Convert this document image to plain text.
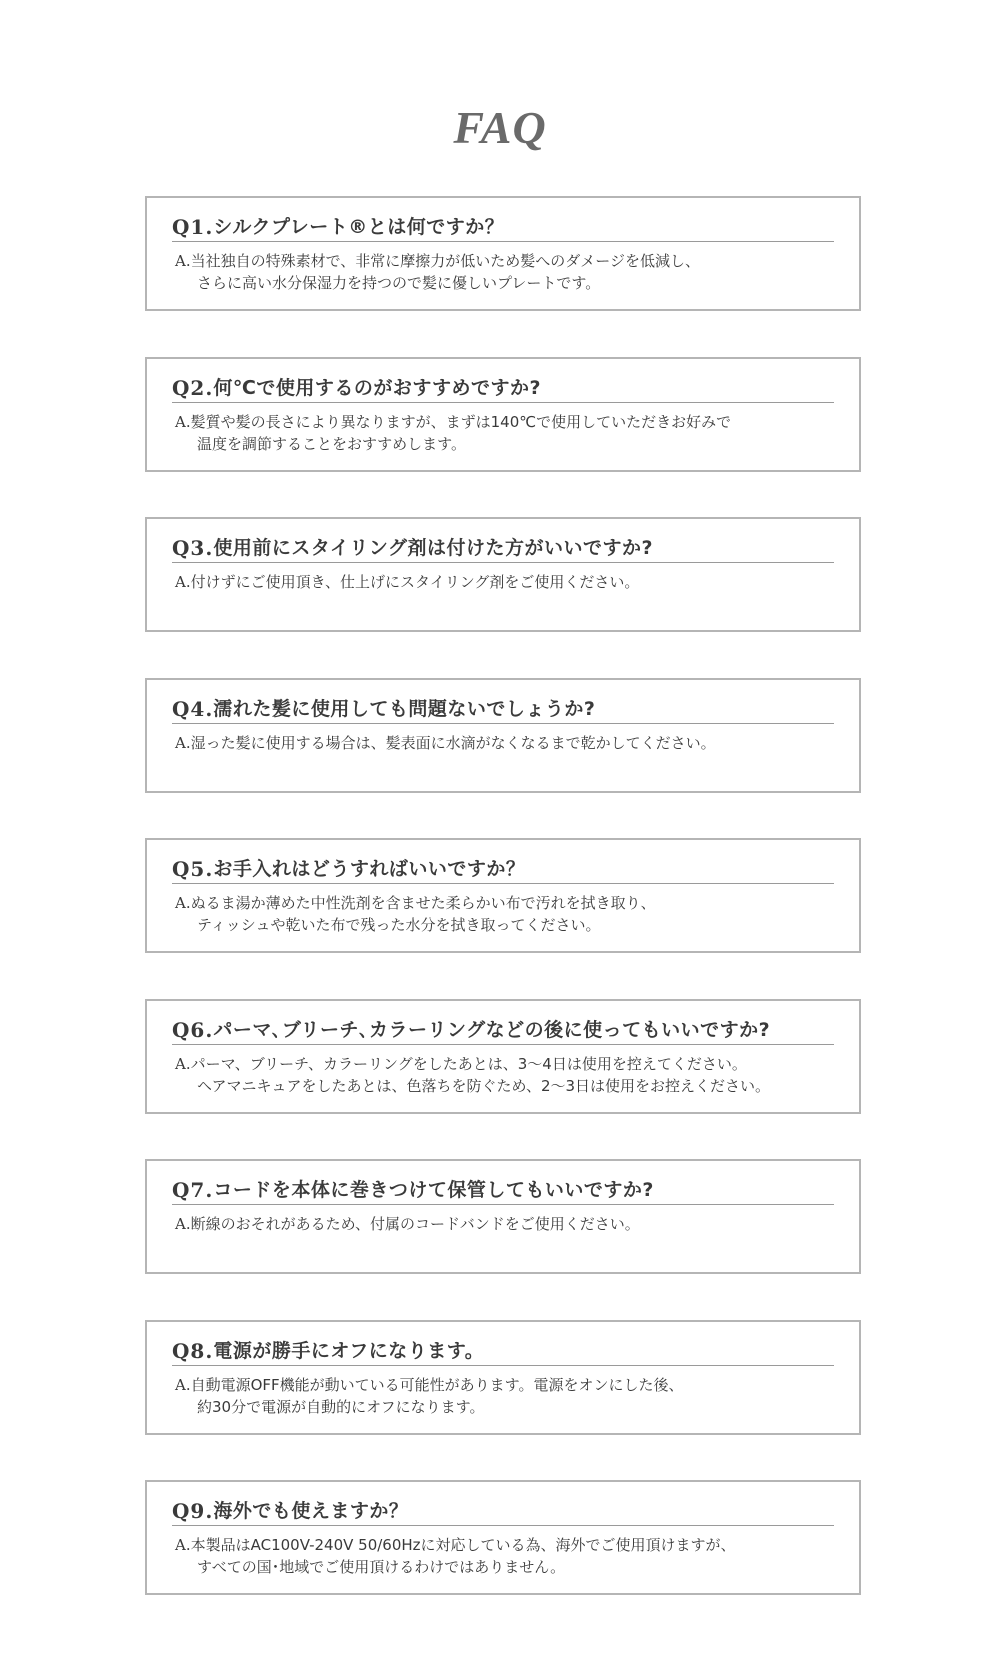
FAQ
Q1. シルクプレート®とは何ですか？
A.当社独自の特殊素材で、非常に摩擦力が低いため髪へのダメージを低減し、
さらに高い水分保湿力を持つので髪に優しいプレートです。
Q2. 何℃で使用するのがおすすめですか?
A.髪質や髪の長さにより異なりますが、まずは140℃で使用していただきお好みで
温度を調節することをおすすめします。
Q3. 使用前にスタイリング剤は付けた方がいいですか?
A.付けずにご使用頂き、仕上げにスタイリング剤をご使用ください。
Q4. 濡れた髪に使用しても問題ないでしょうか?
A.湿った髪に使用する場合は、髪表面に水滴がなくなるまで乾かしてください。
Q5. お手入れはどうすればいいですか？
A.ぬるま湯か薄めた中性洗剤を含ませた柔らかい布で汚れを拭き取り、
ティッシュや乾いた布で残った水分を拭き取ってください。
Q6. パーマ､ブリーチ､カラーリングなどの後に使ってもいいですか?
A.パーマ、ブリーチ、カラーリングをしたあとは、3〜4日は使用を控えてください。
ヘアマニキュアをしたあとは、色落ちを防ぐため、2〜3日は使用をお控えください。
Q7. コードを本体に巻きつけて保管してもいいですか?
A.断線のおそれがあるため、付属のコードバンドをご使用ください。
Q8. 電源が勝手にオフになります。
A.自動電源OFF機能が動いている可能性があります。電源をオンにした後、
約30分で電源が自動的にオフになります。
Q9. 海外でも使えますか？
A.本製品はAC100V-240V 50/60Hzに対応している為、海外でご使用頂けますが、
すべての国･地域でご使用頂けるわけではありません。
